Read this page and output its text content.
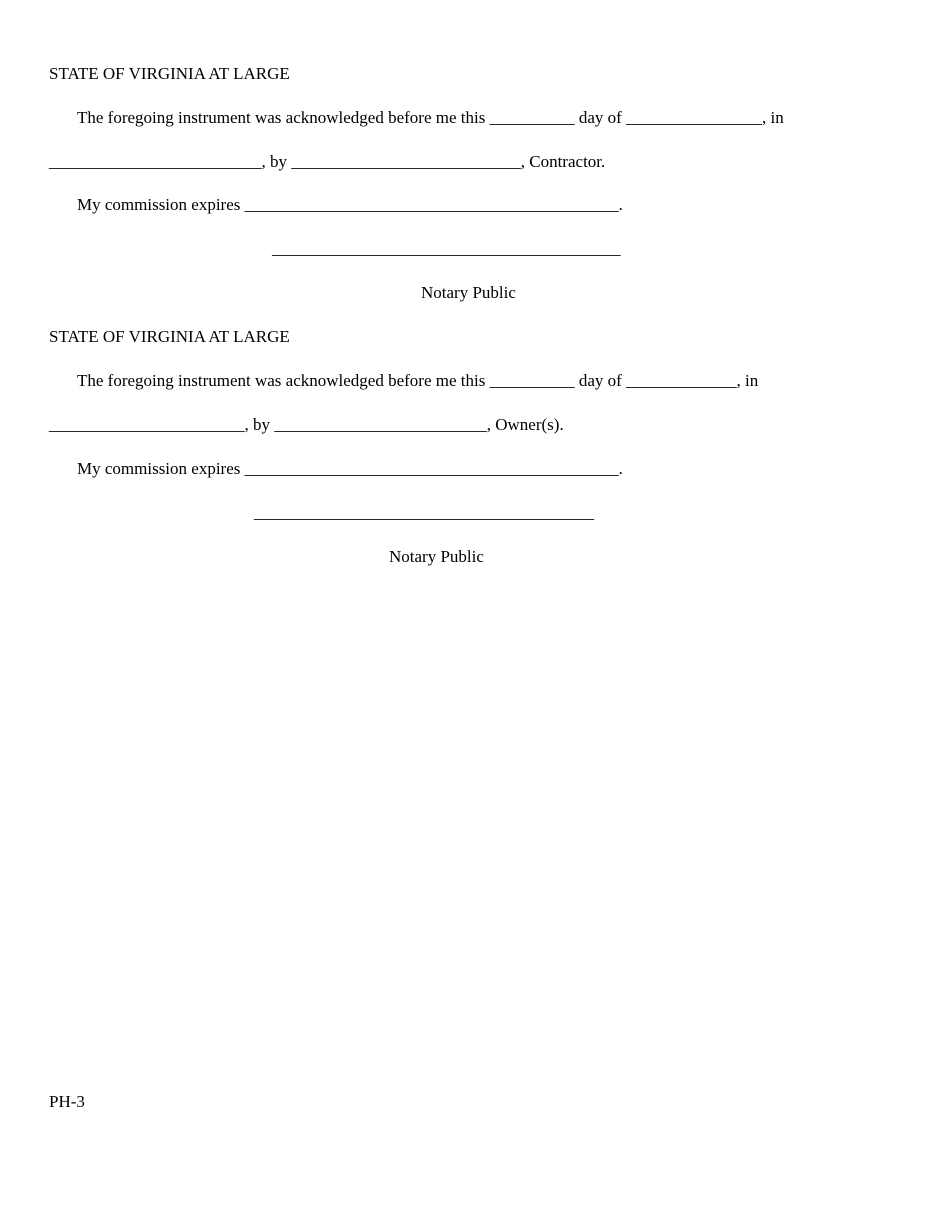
STATE OF VIRGINIA AT LARGE
The foregoing instrument was acknowledged before me this __________ day of ________________, in
_________________________, by ___________________________, Contractor.
My commission expires ____________________________________________.
_________________________________________
Notary Public
STATE OF VIRGINIA AT LARGE
The foregoing instrument was acknowledged before me this __________ day of _____________, in
_______________________, by _________________________, Owner(s).
My commission expires ____________________________________________.
________________________________________
Notary Public
PH-3
